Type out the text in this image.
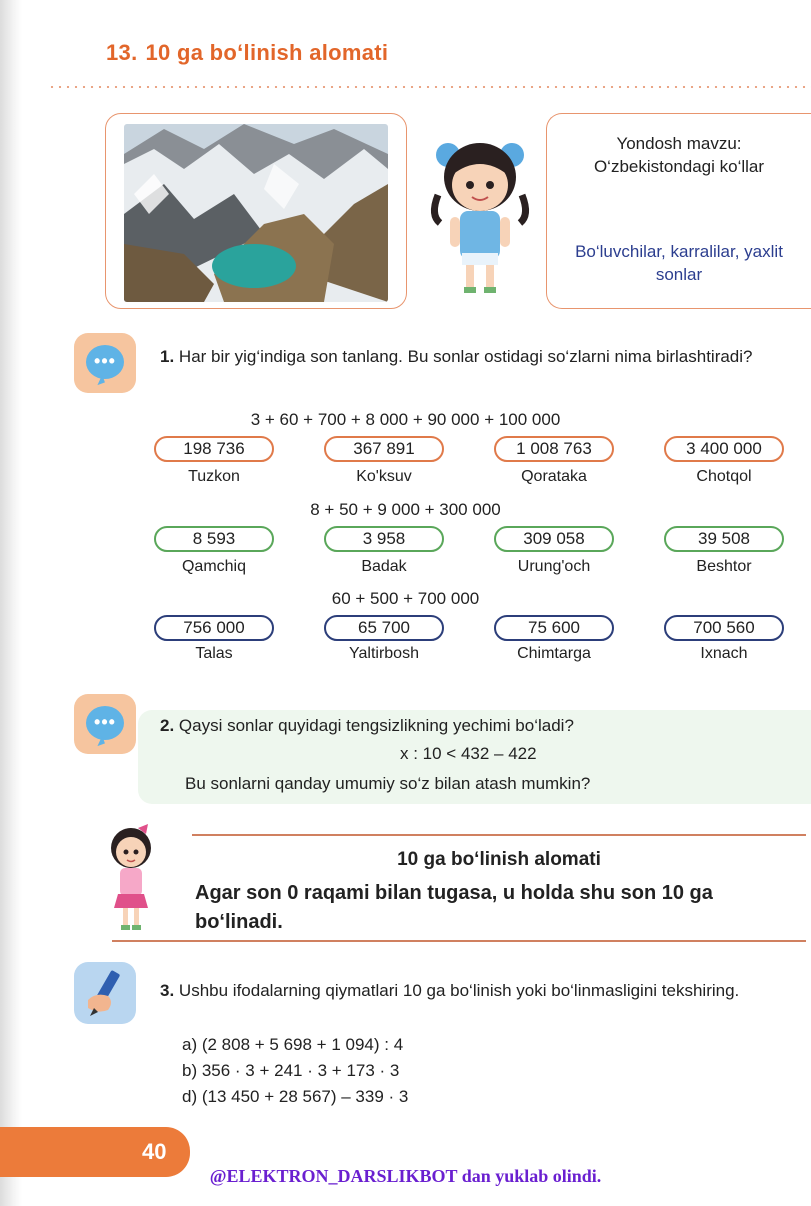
13. 10 ga bo‘linish alomati
Yondosh mavzu: O‘zbekistondagi ko‘llar
Bo‘luvchilar, karralilar, yaxlit sonlar
•••	1. Har bir yig‘indiga son tanlang. Bu sonlar ostidagi so‘zlarni nima birlashtiradi?
3 + 60 + 700 + 8 000 + 90 000 + 100 000
198 736	367 891	1 008 763	3 400 000
Tuzkon	Ko'ksuv	Qorataka	Chotqol
8 + 50 + 9 000 + 300 000
8 593	3 958	309 058	39 508
Qamchiq	Badak	Urung'och	Beshtor
60 + 500 + 700 000
756 000	65 700	75 600	700 560
Talas	Yaltirbosh	Chimtarga	Ixnach
•••	2. Qaysi sonlar quyidagi tengsizlikning yechimi bo‘ladi?
x : 10 < 432 – 422
Bu sonlarni qanday umumiy so‘z bilan atash mumkin?
10 ga bo‘linish alomati
Agar son 0 raqami bilan tugasa, u holda shu son 10 ga bo‘linadi.
3. Ushbu ifodalarning qiymatlari 10 ga bo‘linish yoki bo‘linmasligini tekshiring.
a) (2 808 + 5 698 + 1 094) : 4
b) 356 · 3 + 241 · 3 + 173 · 3
d) (13 450 + 28 567) – 339 · 3
40
@ELEKTRON_DARSLIKBOT dan yuklab olindi.
